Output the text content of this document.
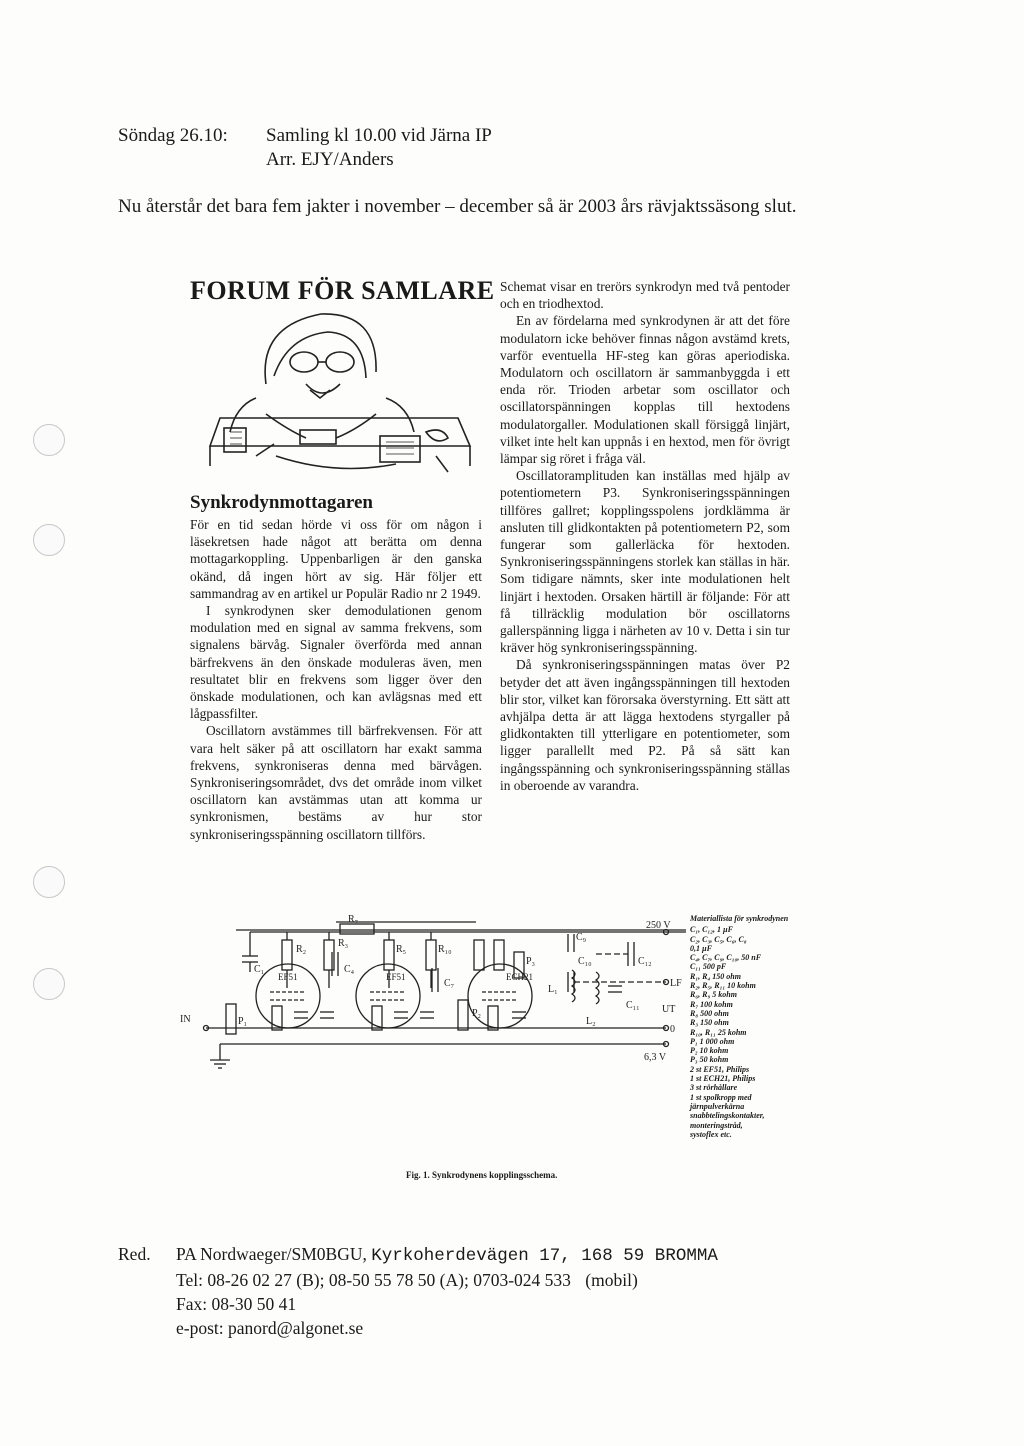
Söndag 26.10: Samling kl 10.00 vid Järna IP
Arr. EJY/Anders
Nu återstår det bara fem jakter i november – december så är 2003 års rävjaktssäsong slut.
FORUM FÖR SAMLARE
Synkrodynmottagaren

För en tid sedan hörde vi oss för om någon i läsekretsen hade något att berätta om denna mottagarkoppling. Uppenbarligen är den ganska okänd, då ingen hört av sig. Här följer ett sammandrag av en artikel ur Populär Radio nr 2 1949.

I synkrodynen sker demodulationen genom modulation med en signal av samma frekvens, som signalens bärvåg. Signaler överförda med annan bärfrekvens än den önskade moduleras även, men resultatet blir en frekvens som ligger över den önskade modulationen, och kan avlägsnas med ett lågpassfilter.

Oscillatorn avstämmes till bärfrekvensen. För att vara helt säker på att oscillatorn har exakt samma frekvens, synkroniseras denna med bärvågen. Synkroniseringsområdet, dvs det område inom vilket oscillatorn kan avstämmas utan att komma ur synkronismen, bestäms av hur stor synkroniseringsspänning oscillatorn tillförs.

Schemat visar en trerörs synkrodyn med två pentoder och en triodhextod.

En av fördelarna med synkrodynen är att det före modulatorn icke behöver finnas någon avstämd krets, varför eventuella HF-steg kan göras aperiodiska. Modulatorn och oscillatorn är sammanbyggda i ett enda rör. Trioden arbetar som oscillator och oscillatorspänningen kopplas till hextodens modulatorgaller. Modulationen skall försiggå linjärt, vilket inte helt kan uppnås i en hextod, men för övrigt lämpar sig röret i fråga väl.

Oscillatoramplituden kan inställas med hjälp av potentiometern P3. Synkroniseringsspänningen tillföres gallret; kopplingsspolens jordklämma är ansluten till glidkontakten på potentiometern P2, som fungerar som gallerläcka för hextoden. Synkroniseringsspänningens storlek kan ställas in här. Som tidigare nämnts, sker inte modulationen helt linjärt i hextoden. Orsaken härtill är följande: För att få tillräcklig modulation bör oscillatorns gallerspänning ligga i närheten av 10 v. Detta i sin tur kräver hög synkroniseringsspänning.

Då synkroniseringsspänningen matas över P2 betyder det att även ingångsspänningen till hextoden blir stor, vilket kan förorsaka överstyrning. Ett sätt att avhjälpa detta är att lägga hextodens styrgaller på glidkontakten till ytterligare en potentiometer, som ligger parallellt med P2. På så sätt kan ingångsspänning och synkroniseringsspänning ställas in oberoende av varandra.

R₂
R₃
R₇
R₅	R₁₀
C₁	C₄
C₇
C₉
C₁₂
C₁₀
EF51	EF51	ECH21
P₁
P₂
P₃
L₁
L₂
C₁₁
IN
250 V
LF
UT
0
6,3 V
Fig. 1. Synkrodynens kopplingsschema.
Materiallista för synkrodynen
C₁, C₁₂, 1 µF
C₂, C₃, C₅, C₆, C₈
0,1 µF
C₄, C₇, C₉, C₁₀, 50 nF
C₁₁ 500 pF
R₁, R₄ 150 ohm
R₂, R₅, R₁₁ 10 kohm
R₆, R₉ 5 kohm
R₇ 100 kohm
R₈ 500 ohm
R₃ 150 ohm
R₁₀, R₁₁ 25 kohm
P₁ 1 000 ohm
P₂ 10 kohm
P₃ 50 kohm
2 st EF51, Philips
1 st ECH21, Philips
3 st rörhållare
1 st spolkropp med
järnpulverkärna
snabbtelingskontakter,
monteringstråd,
systoflex etc.
Red. PA Nordwaeger/SM0BGU, Kyrkoherdevägen 17, 168 59 BROMMA
Tel: 08-26 02 27 (B); 08-50 55 78 50 (A); 0703-024 533 (mobil)
Fax: 08-30 50 41
e-post: panord@algonet.se
